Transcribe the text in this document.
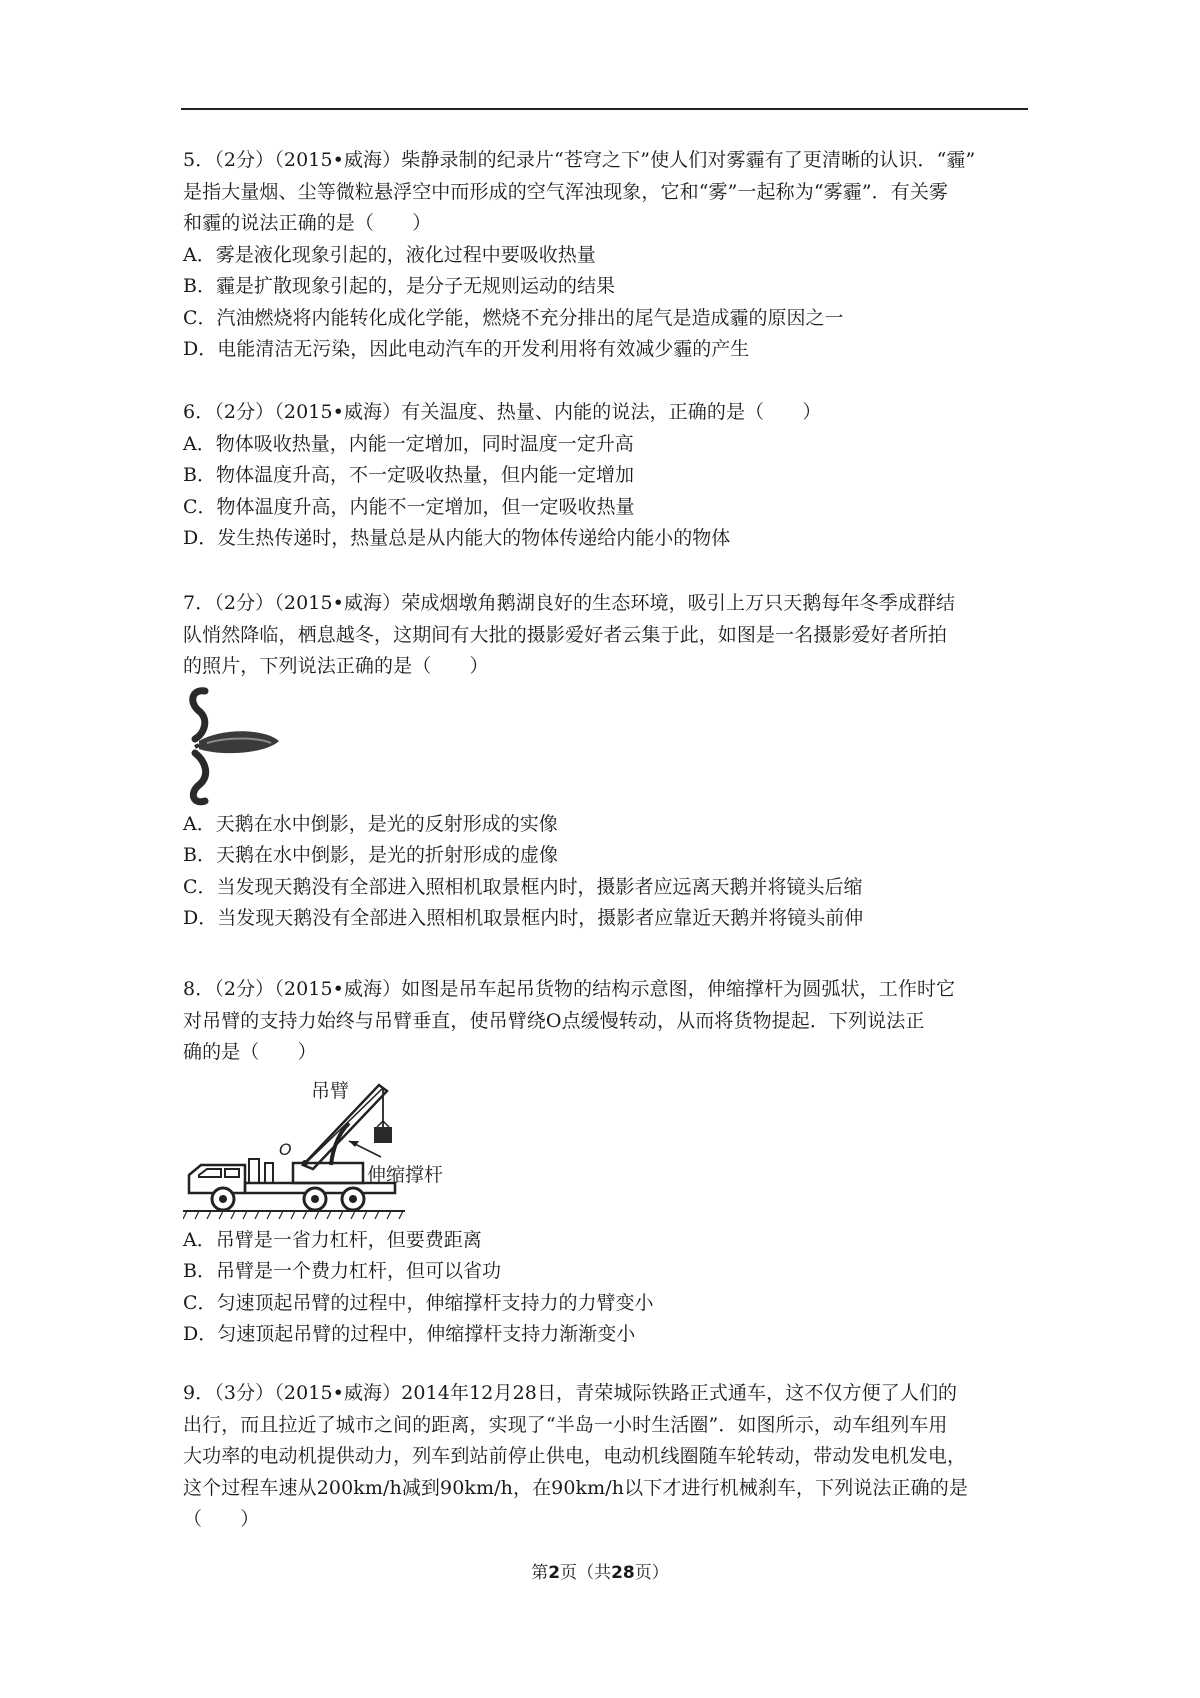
5．（2分）（2015•威海）柴静录制的纪录片“苍穹之下”使人们对雾霾有了更清晰的认识．“霾”

是指大量烟、尘等微粒悬浮空中而形成的空气浑浊现象，它和“雾”一起称为“雾霾”．有关雾

和霾的说法正确的是（　　）

A．雾是液化现象引起的，液化过程中要吸收热量

B．霾是扩散现象引起的，是分子无规则运动的结果

C．汽油燃烧将内能转化成化学能，燃烧不充分排出的尾气是造成霾的原因之一

D．电能清洁无污染，因此电动汽车的开发利用将有效减少霾的产生

6．（2分）（2015•威海）有关温度、热量、内能的说法，正确的是（　　）

A．物体吸收热量，内能一定增加，同时温度一定升高

B．物体温度升高，不一定吸收热量，但内能一定增加

C．物体温度升高，内能不一定增加，但一定吸收热量

D．发生热传递时，热量总是从内能大的物体传递给内能小的物体

7．（2分）（2015•威海）荣成烟墩角鹅湖良好的生态环境，吸引上万只天鹅每年冬季成群结

队悄然降临，栖息越冬，这期间有大批的摄影爱好者云集于此，如图是一名摄影爱好者所拍

的照片，下列说法正确的是（　　）

A．天鹅在水中倒影，是光的反射形成的实像

B．天鹅在水中倒影，是光的折射形成的虚像

C．当发现天鹅没有全部进入照相机取景框内时，摄影者应远离天鹅并将镜头后缩

D．当发现天鹅没有全部进入照相机取景框内时，摄影者应靠近天鹅并将镜头前伸

8．（2分）（2015•威海）如图是吊车起吊货物的结构示意图，伸缩撑杆为圆弧状，工作时它

对吊臂的支持力始终与吊臂垂直，使吊臂绕O点缓慢转动，从而将货物提起．下列说法正

确的是（　　）

O
吊臂
伸缩撑杆

A．吊臂是一省力杠杆，但要费距离

B．吊臂是一个费力杠杆，但可以省功

C．匀速顶起吊臂的过程中，伸缩撑杆支持力的力臂变小

D．匀速顶起吊臂的过程中，伸缩撑杆支持力渐渐变小

9．（3分）（2015•威海）2014年12月28日，青荣城际铁路正式通车，这不仅方便了人们的

出行，而且拉近了城市之间的距离，实现了“半岛一小时生活圈”．如图所示，动车组列车用

大功率的电动机提供动力，列车到站前停止供电，电动机线圈随车轮转动，带动发电机发电，

这个过程车速从200km/h减到90km/h，在90km/h以下才进行机械刹车，下列说法正确的是

（　　）

第2页（共28页）
